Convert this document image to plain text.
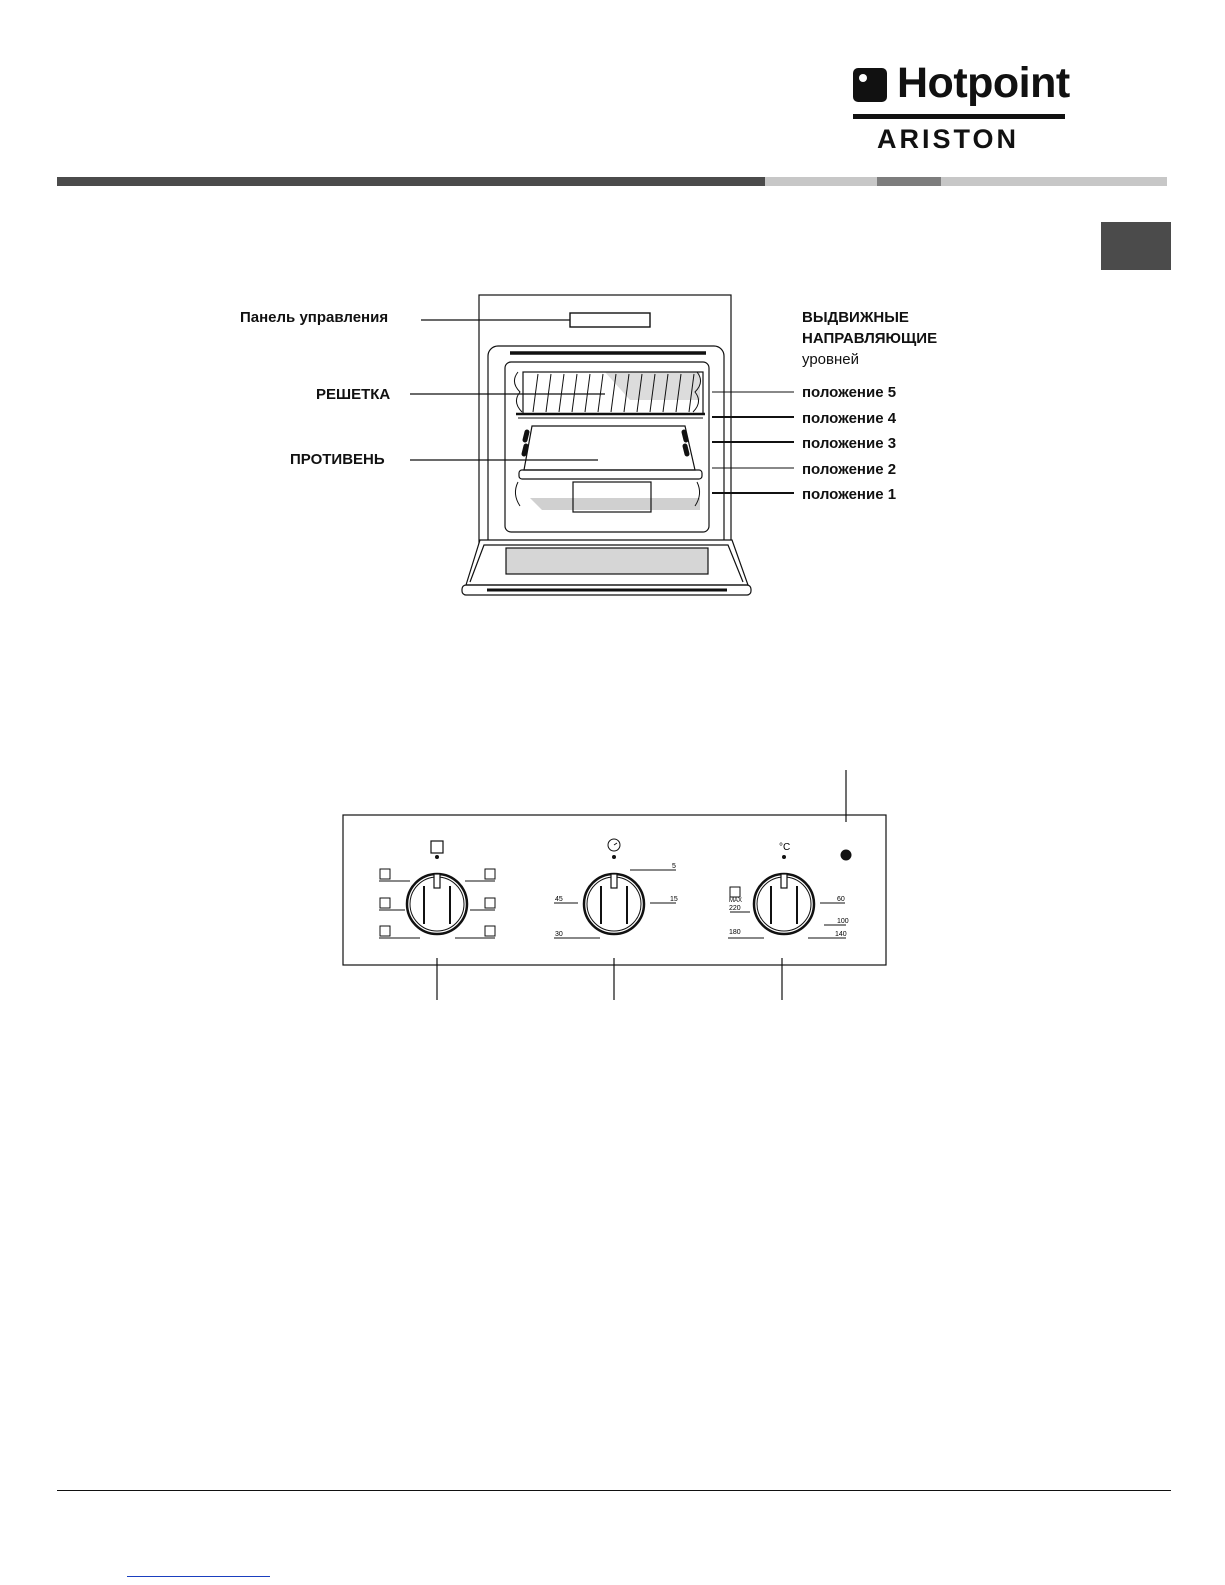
Hotpoint
ARISTON
Панель управления
РЕШЕТКА
ПРОТИВЕНЬ
ВЫДВИЖНЫЕ
НАПРАВЛЯЮЩИЕ
уровней
положение 5
положение 4
положение 3
положение 2
положение 1
5
15
30
45
°C
60
100
140
180
220
MAX
